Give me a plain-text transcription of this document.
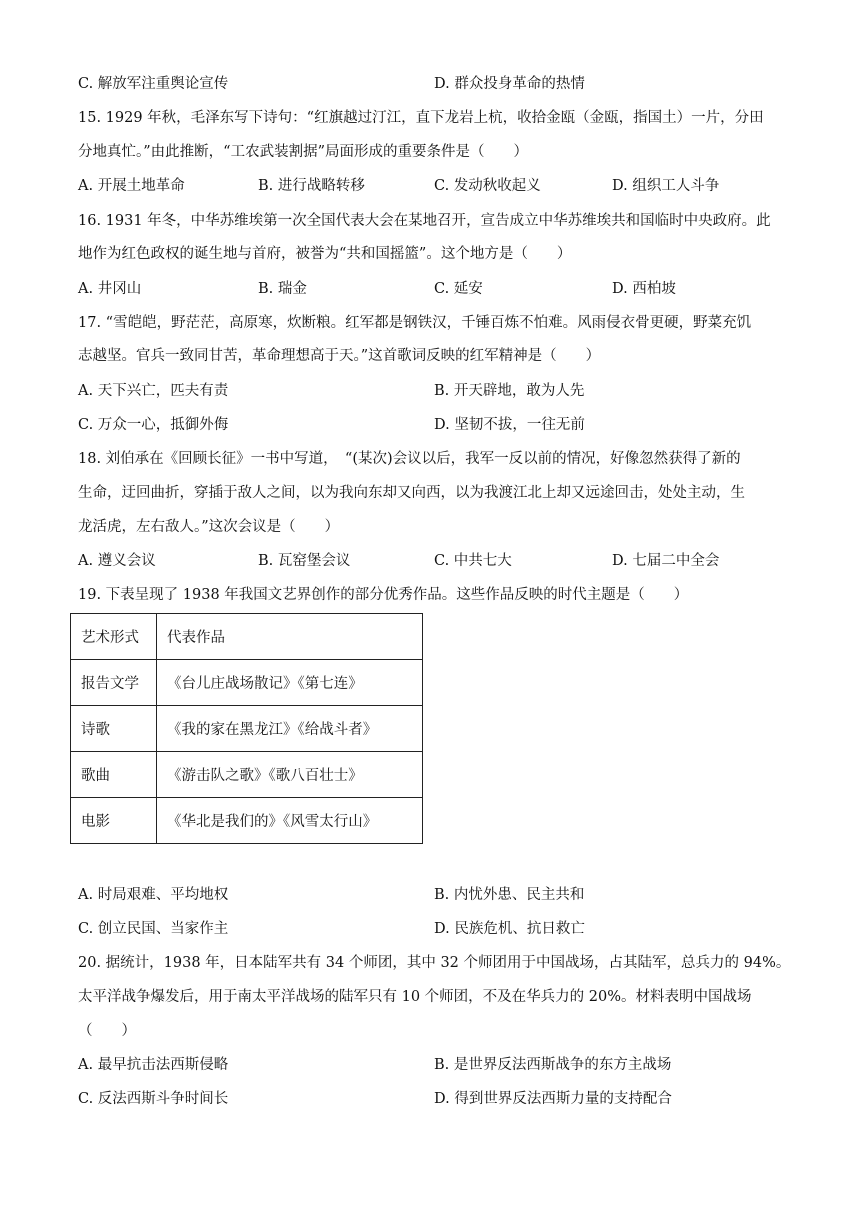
C. 解放军注重舆论宣传	D. 群众投身革命的热情
15. 1929 年秋，毛泽东写下诗句：“红旗越过汀江，直下龙岩上杭，收拾金瓯（金瓯，指国土）一片，分田
分地真忙。”由此推断，“工农武装割据”局面形成的重要条件是（　　）
A. 开展土地革命	B. 进行战略转移	C. 发动秋收起义	D. 组织工人斗争
16. 1931 年冬，中华苏维埃第一次全国代表大会在某地召开，宣告成立中华苏维埃共和国临时中央政府。此
地作为红色政权的诞生地与首府，被誉为“共和国摇篮”。这个地方是（　　）
A. 井冈山	B. 瑞金	C. 延安	D. 西柏坡
17. “雪皑皑，野茫茫，高原寒，炊断粮。红军都是钢铁汉，千锤百炼不怕难。风雨侵衣骨更硬，野菜充饥
志越坚。官兵一致同甘苦，革命理想高于天。”这首歌词反映的红军精神是（　　）
A. 天下兴亡，匹夫有责	B. 开天辟地，敢为人先
C. 万众一心，抵御外侮	D. 坚韧不拔，一往无前
18. 刘伯承在《回顾长征》一书中写道，　“(某次)会议以后，我军一反以前的情况，好像忽然获得了新的
生命，迂回曲折，穿插于敌人之间，以为我向东却又向西，以为我渡江北上却又远途回击，处处主动，生
龙活虎，左右敌人。”这次会议是（　　）
A. 遵义会议	B. 瓦窑堡会议	C. 中共七大	D. 七届二中全会
19. 下表呈现了 1938 年我国文艺界创作的部分优秀作品。这些作品反映的时代主题是（　　）
艺术形式	代表作品
报告文学	《台儿庄战场散记》《第七连》
诗歌	《我的家在黑龙江》《给战斗者》
歌曲	《游击队之歌》《歌八百壮士》
电影	《华北是我们的》《风雪太行山》
A. 时局艰难、平均地权	B. 内忧外患、民主共和
C. 创立民国、当家作主	D. 民族危机、抗日救亡
20. 据统计，1938 年，日本陆军共有 34 个师团，其中 32 个师团用于中国战场，占其陆军，总兵力的 94%。
太平洋战争爆发后，用于南太平洋战场的陆军只有 10 个师团，不及在华兵力的 20%。材料表明中国战场
（　　）
A. 最早抗击法西斯侵略	B. 是世界反法西斯战争的东方主战场
C. 反法西斯斗争时间长	D. 得到世界反法西斯力量的支持配合
